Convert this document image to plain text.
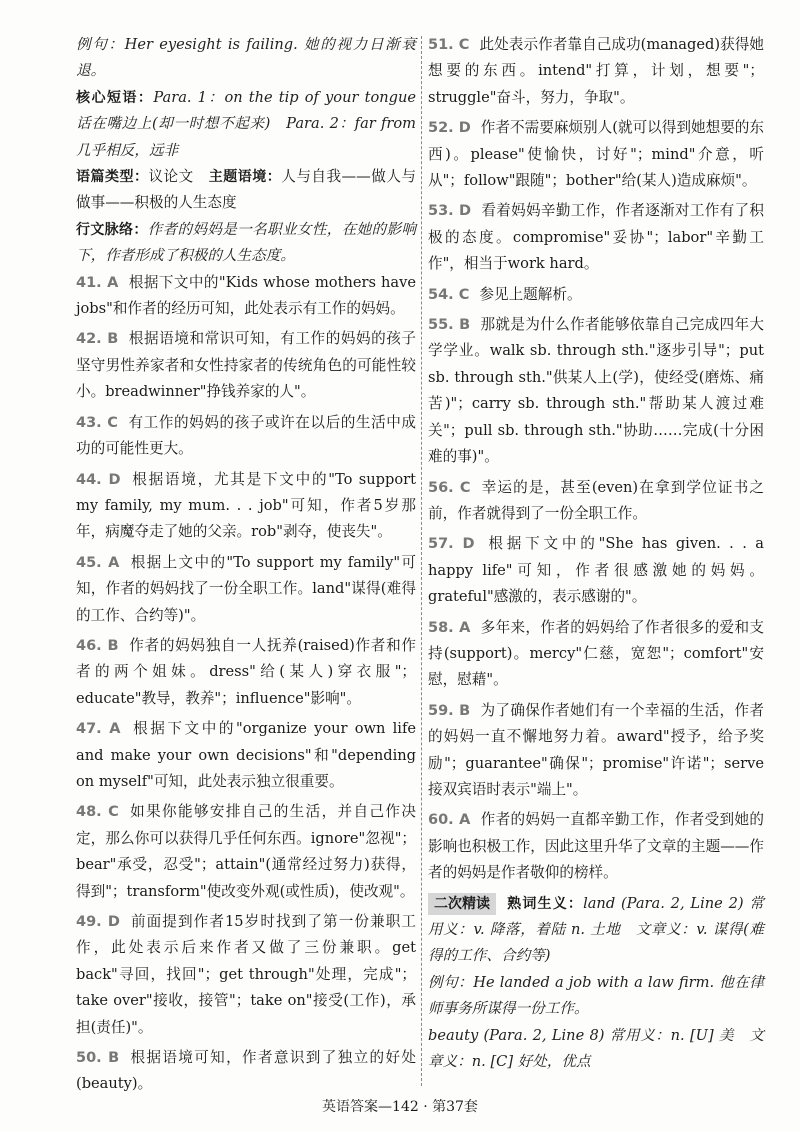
例句：Her eyesight is failing. 她的视力日渐衰退。

核心短语：Para. 1：on the tip of your tongue 话在嘴边上(却一时想不起来)　Para. 2：far from 几乎相反，远非

语篇类型：议论文　主题语境：人与自我——做人与做事——积极的人生态度

行文脉络：作者的妈妈是一名职业女性，在她的影响下，作者形成了积极的人生态度。

41. A 根据下文中的"Kids whose mothers have jobs"和作者的经历可知，此处表示有工作的妈妈。

42. B 根据语境和常识可知，有工作的妈妈的孩子坚守男性养家者和女性持家者的传统角色的可能性较小。breadwinner"挣钱养家的人"。

43. C 有工作的妈妈的孩子或许在以后的生活中成功的可能性更大。

44. D 根据语境，尤其是下文中的"To support my family, my mum. . . job"可知，作者5岁那年，病魔夺走了她的父亲。rob"剥夺，使丧失"。

45. A 根据上文中的"To support my family"可知，作者的妈妈找了一份全职工作。land"谋得(难得的工作、合约等)"。

46. B 作者的妈妈独自一人抚养(raised)作者和作者的两个姐妹。dress"给(某人)穿衣服"；educate"教导，教养"；influence"影响"。

47. A 根据下文中的"organize your own life and make your own decisions"和"depending on myself"可知，此处表示独立很重要。

48. C 如果你能够安排自己的生活，并自己作决定，那么你可以获得几乎任何东西。ignore"忽视"；bear"承受，忍受"；attain"(通常经过努力)获得，得到"；transform"使改变外观(或性质)，使改观"。

49. D 前面提到作者15岁时找到了第一份兼职工作，此处表示后来作者又做了三份兼职。get back"寻回，找回"；get through"处理，完成"；take over"接收，接管"；take on"接受(工作)，承担(责任)"。

50. B 根据语境可知，作者意识到了独立的好处(beauty)。

51. C 此处表示作者靠自己成功(managed)获得她想要的东西。intend"打算，计划，想要"；struggle"奋斗，努力，争取"。

52. D 作者不需要麻烦别人(就可以得到她想要的东西)。please"使愉快，讨好"；mind"介意，听从"；follow"跟随"；bother"给(某人)造成麻烦"。

53. D 看着妈妈辛勤工作，作者逐渐对工作有了积极的态度。compromise"妥协"；labor"辛勤工作"，相当于work hard。

54. C 参见上题解析。

55. B 那就是为什么作者能够依靠自己完成四年大学学业。walk sb. through sth."逐步引导"；put sb. through sth."供某人上(学)，使经受(磨炼、痛苦)"；carry sb. through sth."帮助某人渡过难关"；pull sb. through sth."协助……完成(十分困难的事)"。

56. C 幸运的是，甚至(even)在拿到学位证书之前，作者就得到了一份全职工作。

57. D 根据下文中的"She has given. . . a happy life"可知，作者很感激她的妈妈。grateful"感激的，表示感谢的"。

58. A 多年来，作者的妈妈给了作者很多的爱和支持(support)。mercy"仁慈，宽恕"；comfort"安慰，慰藉"。

59. B 为了确保作者她们有一个幸福的生活，作者的妈妈一直不懈地努力着。award"授予，给予奖励"；guarantee"确保"；promise"许诺"；serve接双宾语时表示"端上"。

60. A 作者的妈妈一直都辛勤工作，作者受到她的影响也积极工作，因此这里升华了文章的主题——作者的妈妈是作者敬仰的榜样。

二次精读 熟词生义：land (Para. 2, Line 2) 常用义：v. 降落，着陆 n. 土地　文章义：v. 谋得(难得的工作、合约等)

例句：He landed a job with a law firm. 他在律师事务所谋得一份工作。

beauty (Para. 2, Line 8) 常用义：n. [U] 美　文章义：n. [C] 好处，优点

英语答案—142 · 第37套
